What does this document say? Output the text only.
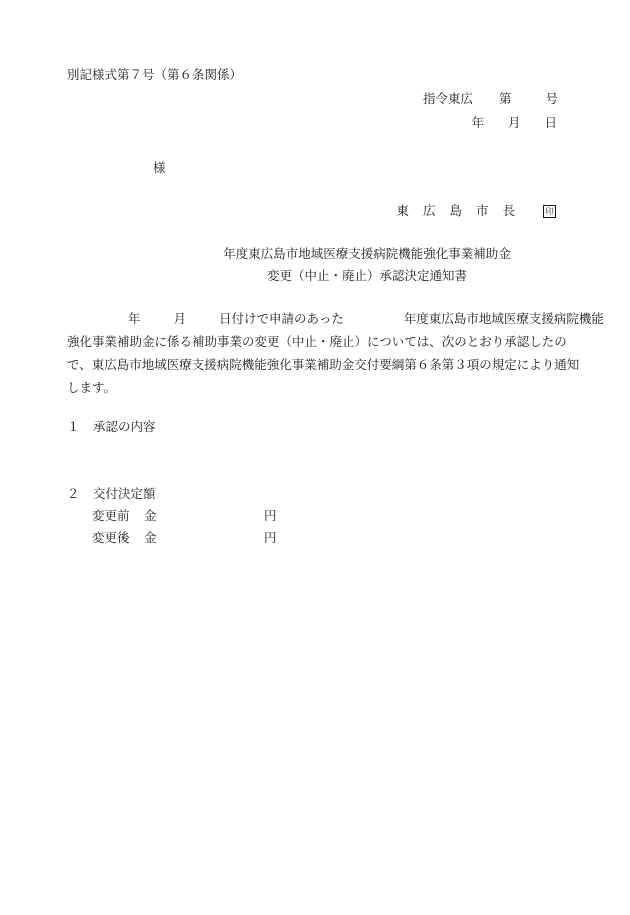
別記様式第７号（第６条関係）
指令東広 第	号
年 月 日
様
東 広 島 市 長	印
年度東広島市地域医療支援病院機能強化事業補助金
変更（中止・廃止）承認決定通知書
年	月	日付けで申請のあった	年度東広島市地域医療支援病院機能
強化事業補助金に係る補助事業の変更（中止・廃止）については、次のとおり承認したの
で、東広島市地域医療支援病院機能強化事業補助金交付要綱第６条第３項の規定により通知
します。
１ 承認の内容
２ 交付決定額
変更前 金	円
変更後 金	円
